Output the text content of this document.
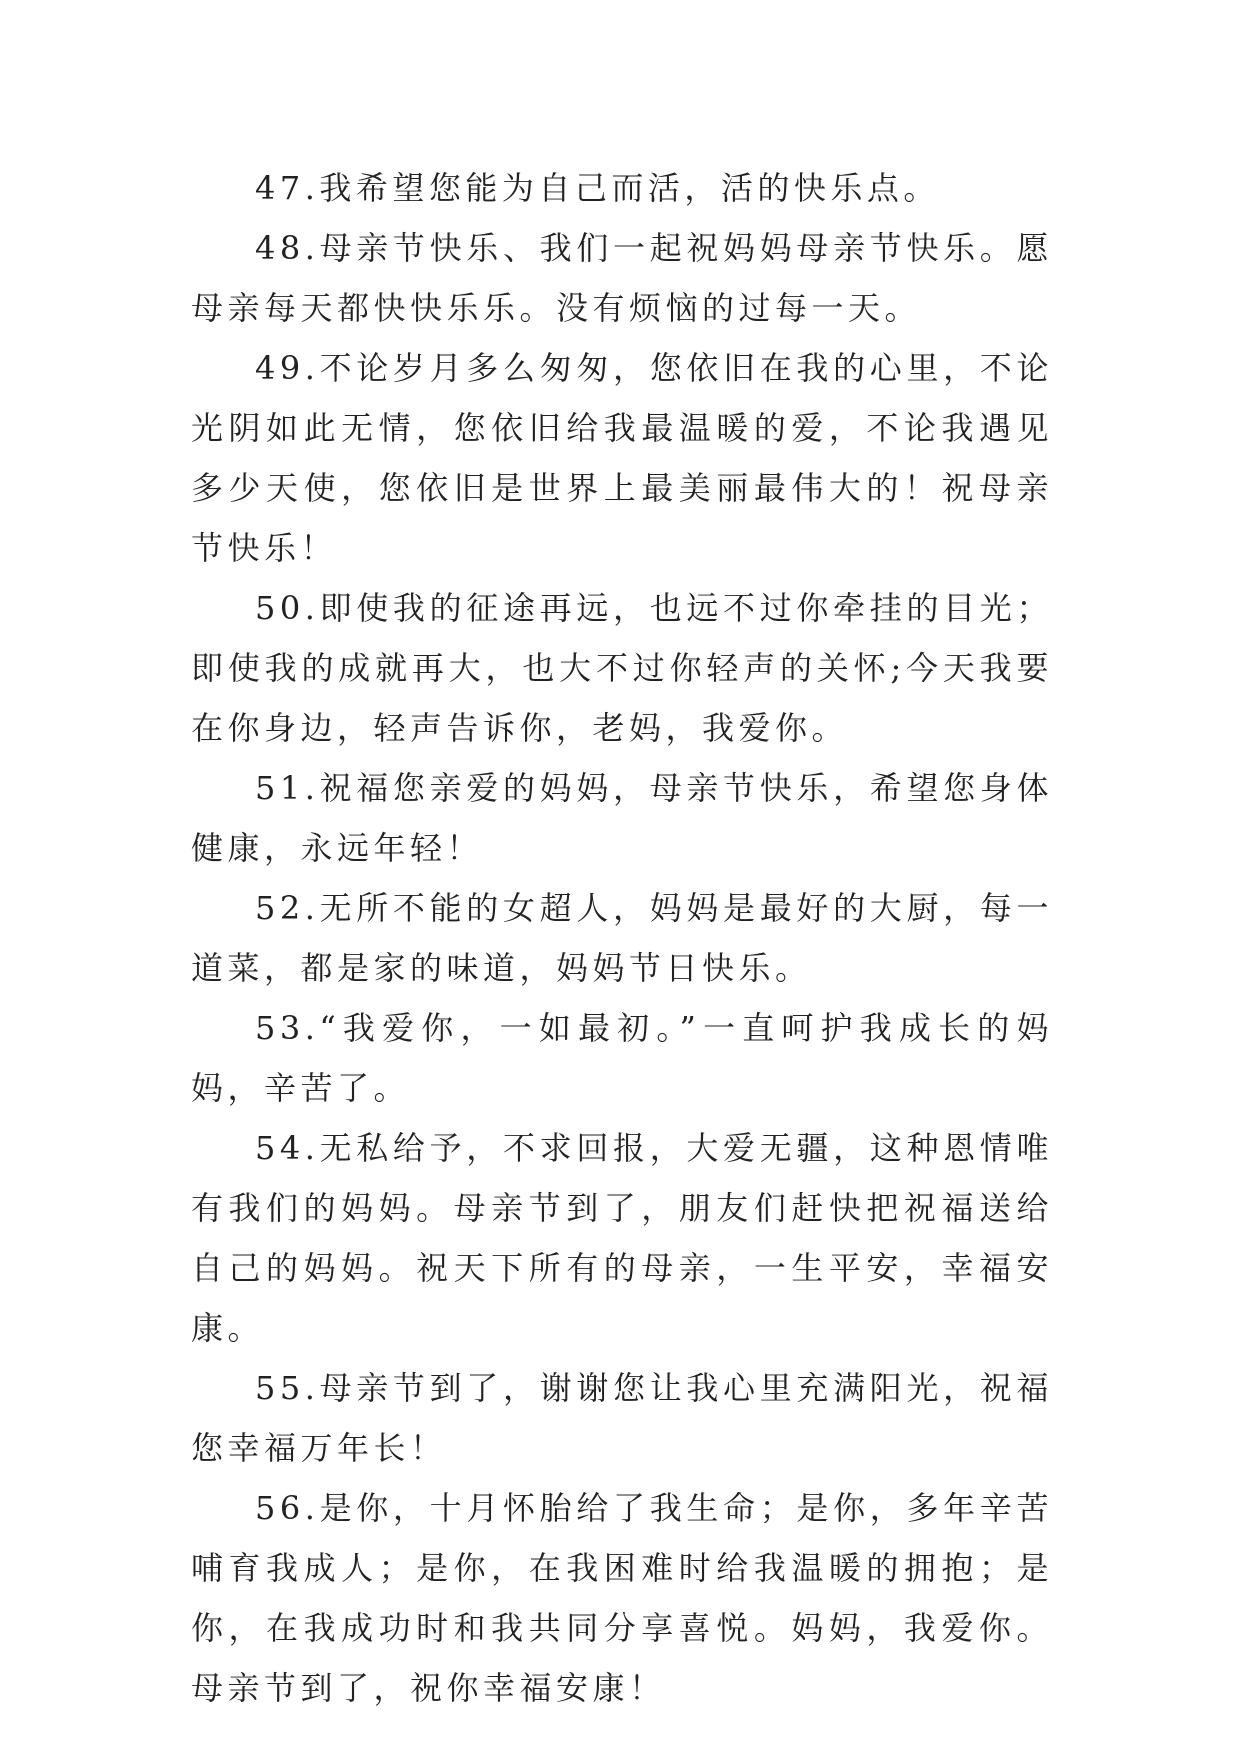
47.我希望您能为自己而活，活的快乐点。

48.母亲节快乐、我们一起祝妈妈母亲节快乐。愿母亲每天都快快乐乐。没有烦恼的过每一天。

49.不论岁月多么匆匆，您依旧在我的心里，不论光阴如此无情，您依旧给我最温暖的爱，不论我遇见多少天使，您依旧是世界上最美丽最伟大的！祝母亲节快乐！

50.即使我的征途再远，也远不过你牵挂的目光；即使我的成就再大，也大不过你轻声的关怀;今天我要在你身边，轻声告诉你，老妈，我爱你。

51.祝福您亲爱的妈妈，母亲节快乐，希望您身体健康，永远年轻！

52.无所不能的女超人，妈妈是最好的大厨，每一道菜，都是家的味道，妈妈节日快乐。

53.“我爱你，一如最初。”一直呵护我成长的妈妈，辛苦了。

54.无私给予，不求回报，大爱无疆，这种恩情唯有我们的妈妈。母亲节到了，朋友们赶快把祝福送给自己的妈妈。祝天下所有的母亲，一生平安，幸福安康。

55.母亲节到了，谢谢您让我心里充满阳光，祝福您幸福万年长！

56.是你，十月怀胎给了我生命；是你，多年辛苦哺育我成人；是你，在我困难时给我温暖的拥抱；是你，在我成功时和我共同分享喜悦。妈妈，我爱你。母亲节到了，祝你幸福安康！
